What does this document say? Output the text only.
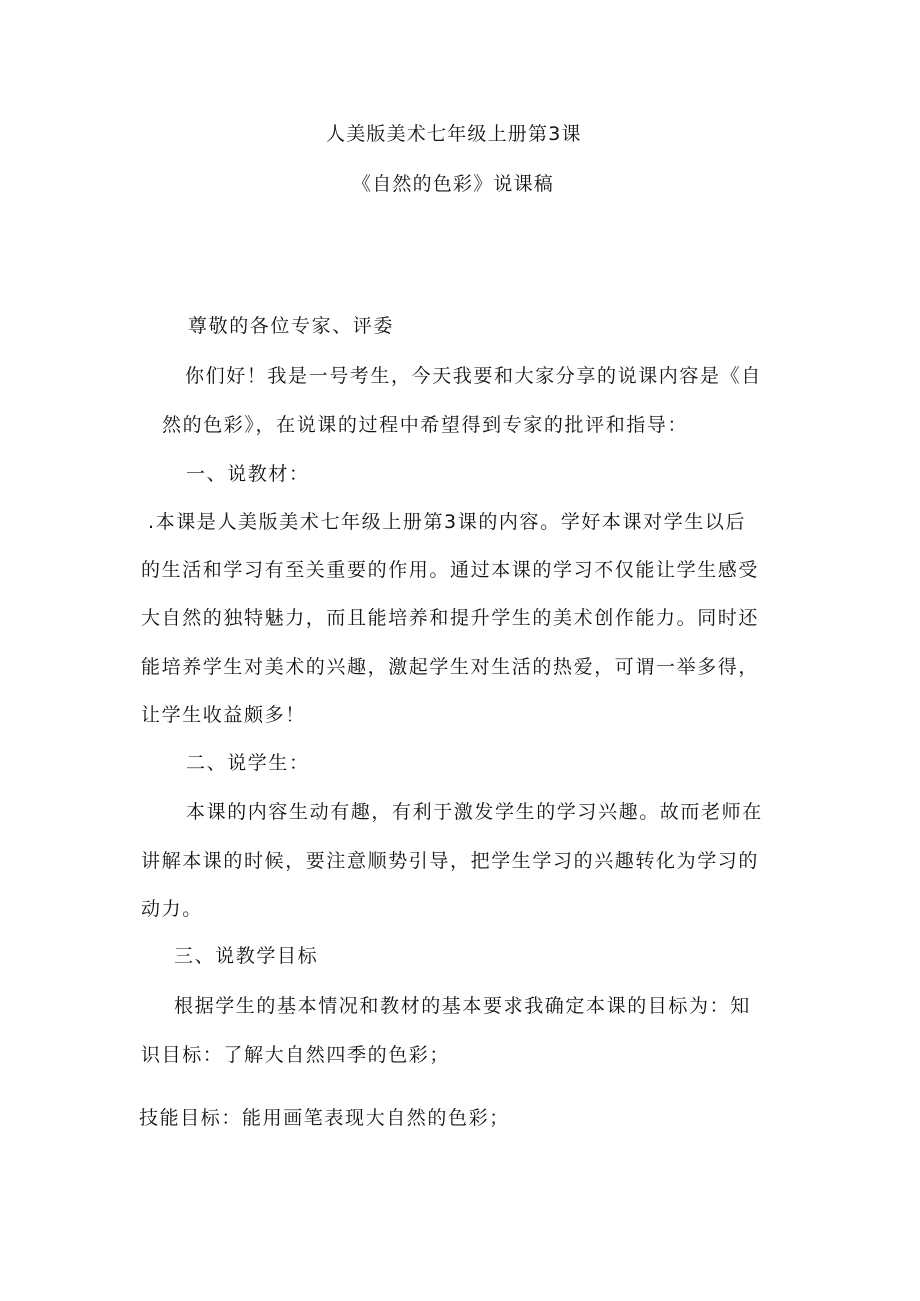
人美版美术七年级上册第3课
《自然的色彩》说课稿
尊敬的各位专家、评委
你们好！我是一号考生，今天我要和大家分享的说课内容是《自
然的色彩》，在说课的过程中希望得到专家的批评和指导：
一、说教材：
.本课是人美版美术七年级上册第3课的内容。学好本课对学生以后
的生活和学习有至关重要的作用。通过本课的学习不仅能让学生感受
大自然的独特魅力，而且能培养和提升学生的美术创作能力。同时还
能培养学生对美术的兴趣，激起学生对生活的热爱，可谓一举多得，
让学生收益颇多！
二、说学生：
本课的内容生动有趣，有利于激发学生的学习兴趣。故而老师在
讲解本课的时候，要注意顺势引导，把学生学习的兴趣转化为学习的
动力。
三、说教学目标
根据学生的基本情况和教材的基本要求我确定本课的目标为：知
识目标：了解大自然四季的色彩；
技能目标：能用画笔表现大自然的色彩；
